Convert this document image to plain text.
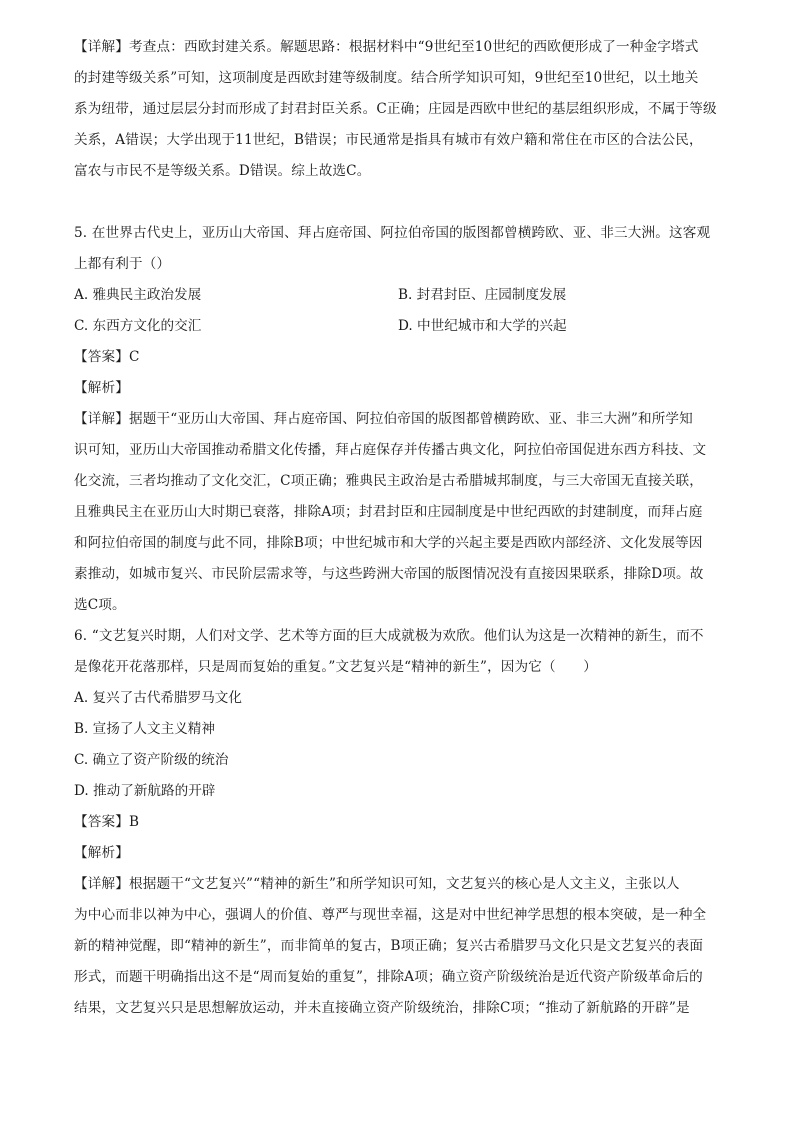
【详解】考查点：西欧封建关系。解题思路：根据材料中“9世纪至10世纪的西欧便形成了一种金字塔式
的封建等级关系”可知，这项制度是西欧封建等级制度。结合所学知识可知，9世纪至10世纪，以土地关
系为纽带，通过层层分封而形成了封君封臣关系。C正确；庄园是西欧中世纪的基层组织形成，不属于等级
关系，A错误；大学出现于11世纪，B错误；市民通常是指具有城市有效户籍和常住在市区的合法公民，
富农与市民不是等级关系。D错误。综上故选C。
5. 在世界古代史上，亚历山大帝国、拜占庭帝国、阿拉伯帝国的版图都曾横跨欧、亚、非三大洲。这客观
上都有利于（）
A. 雅典民主政治发展	B. 封君封臣、庄园制度发展
C. 东西方文化的交汇	D. 中世纪城市和大学的兴起
【答案】C
【解析】
【详解】据题干“亚历山大帝国、拜占庭帝国、阿拉伯帝国的版图都曾横跨欧、亚、非三大洲”和所学知
识可知，亚历山大帝国推动希腊文化传播，拜占庭保存并传播古典文化，阿拉伯帝国促进东西方科技、文
化交流，三者均推动了文化交汇，C项正确；雅典民主政治是古希腊城邦制度，与三大帝国无直接关联，
且雅典民主在亚历山大时期已衰落，排除A项；封君封臣和庄园制度是中世纪西欧的封建制度，而拜占庭
和阿拉伯帝国的制度与此不同，排除B项；中世纪城市和大学的兴起主要是西欧内部经济、文化发展等因
素推动，如城市复兴、市民阶层需求等，与这些跨洲大帝国的版图情况没有直接因果联系，排除D项。故
选C项。
6. “文艺复兴时期，人们对文学、艺术等方面的巨大成就极为欢欣。他们认为这是一次精神的新生，而不
是像花开花落那样，只是周而复始的重复。”文艺复兴是“精神的新生”，因为它（　　）
A. 复兴了古代希腊罗马文化
B. 宣扬了人文主义精神
C. 确立了资产阶级的统治
D. 推动了新航路的开辟
【答案】B
【解析】
【详解】根据题干“文艺复兴”“精神的新生”和所学知识可知，文艺复兴的核心是人文主义，主张以人
为中心而非以神为中心，强调人的价值、尊严与现世幸福，这是对中世纪神学思想的根本突破，是一种全
新的精神觉醒，即“精神的新生”，而非简单的复古，B项正确；复兴古希腊罗马文化只是文艺复兴的表面
形式，而题干明确指出这不是“周而复始的重复”，排除A项；确立资产阶级统治是近代资产阶级革命后的
结果，文艺复兴只是思想解放运动，并未直接确立资产阶级统治，排除C项；“推动了新航路的开辟”是
